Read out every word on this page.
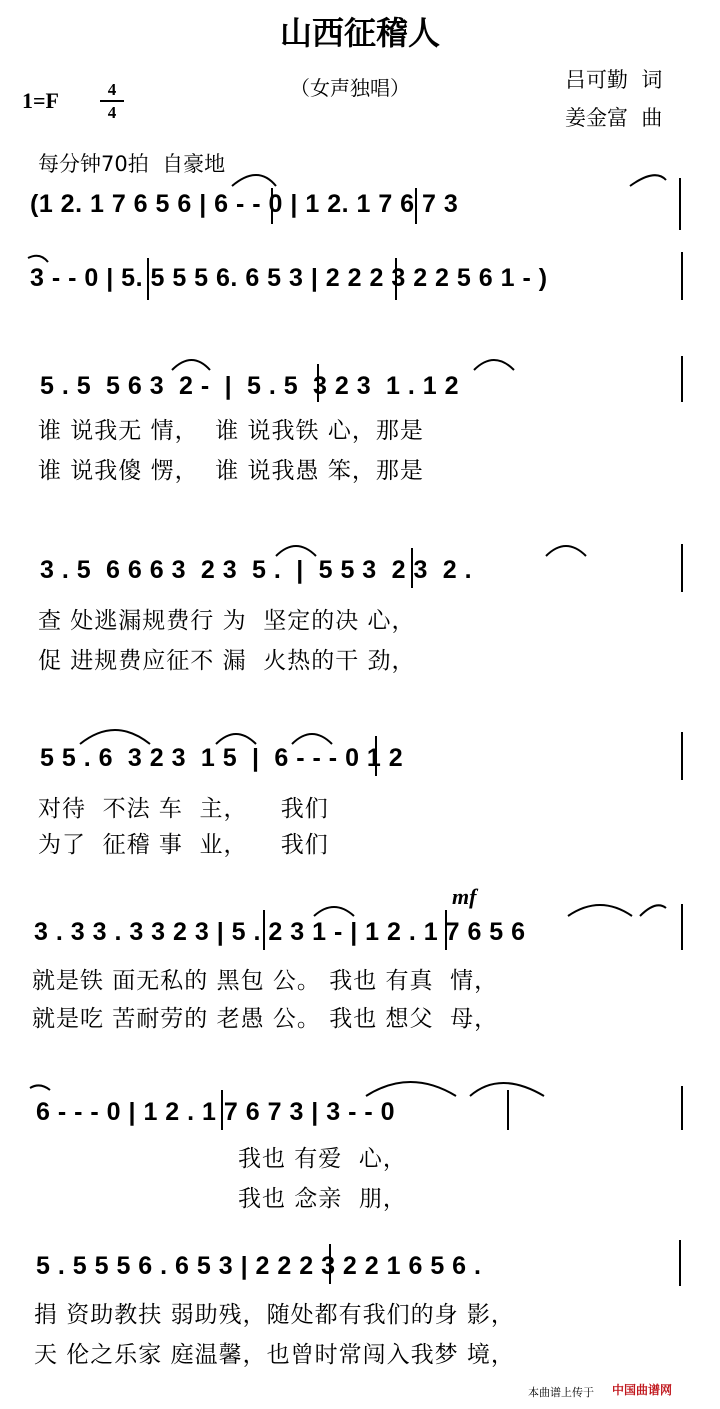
山西征稽人
（女声独唱）	吕可勤  词
姜金富  曲
1=F	4
4
每分钟70拍  自豪地
(1 2. 1 7 6 5 6 | 6 - - 0 | 1 2. 1 7 6 7 3
3 - - 0 | 5. 5 5 5 6. 6 5 3 | 2 2 2 3 2 2 5 6 1 - )
5 . 5  5 6 3  2 -  |  5 . 5  3 2 3  1 . 1 2
谁 说我无 情，  谁 说我铁 心，那是
谁 说我傻 愣，  谁 说我愚 笨，那是
3 . 5  6 6 6 3  2 3  5 .  |  5 5 3  2 3  2 .
查 处逃漏规费行 为  坚定的决 心，
促 进规费应征不 漏  火热的干 劲，
5 5 . 6  3 2 3  1 5  |  6 - - - 0 1 2
对待  不法 车  主，    我们
为了  征稽 事  业，    我们
mf
3 . 3 3 . 3 3 2 3 | 5 . 2 3 1 - | 1 2 . 1 7 6 5 6
就是铁 面无私的 黑包 公。 我也 有真  情，
就是吃 苦耐劳的 老愚 公。 我也 想父  母，
6 - - - 0 | 1 2 . 1 7 6 7 3 | 3 - - 0
我也 有爱  心，
我也 念亲  朋，
5 . 5 5 5 6 . 6 5 3 | 2 2 2 3 2 2 1 6 5 6 .
捐 资助教扶 弱助残，随处都有我们的身 影，
天 伦之乐家 庭温馨，也曾时常闯入我梦 境，
本曲谱上传于 中国曲谱网
